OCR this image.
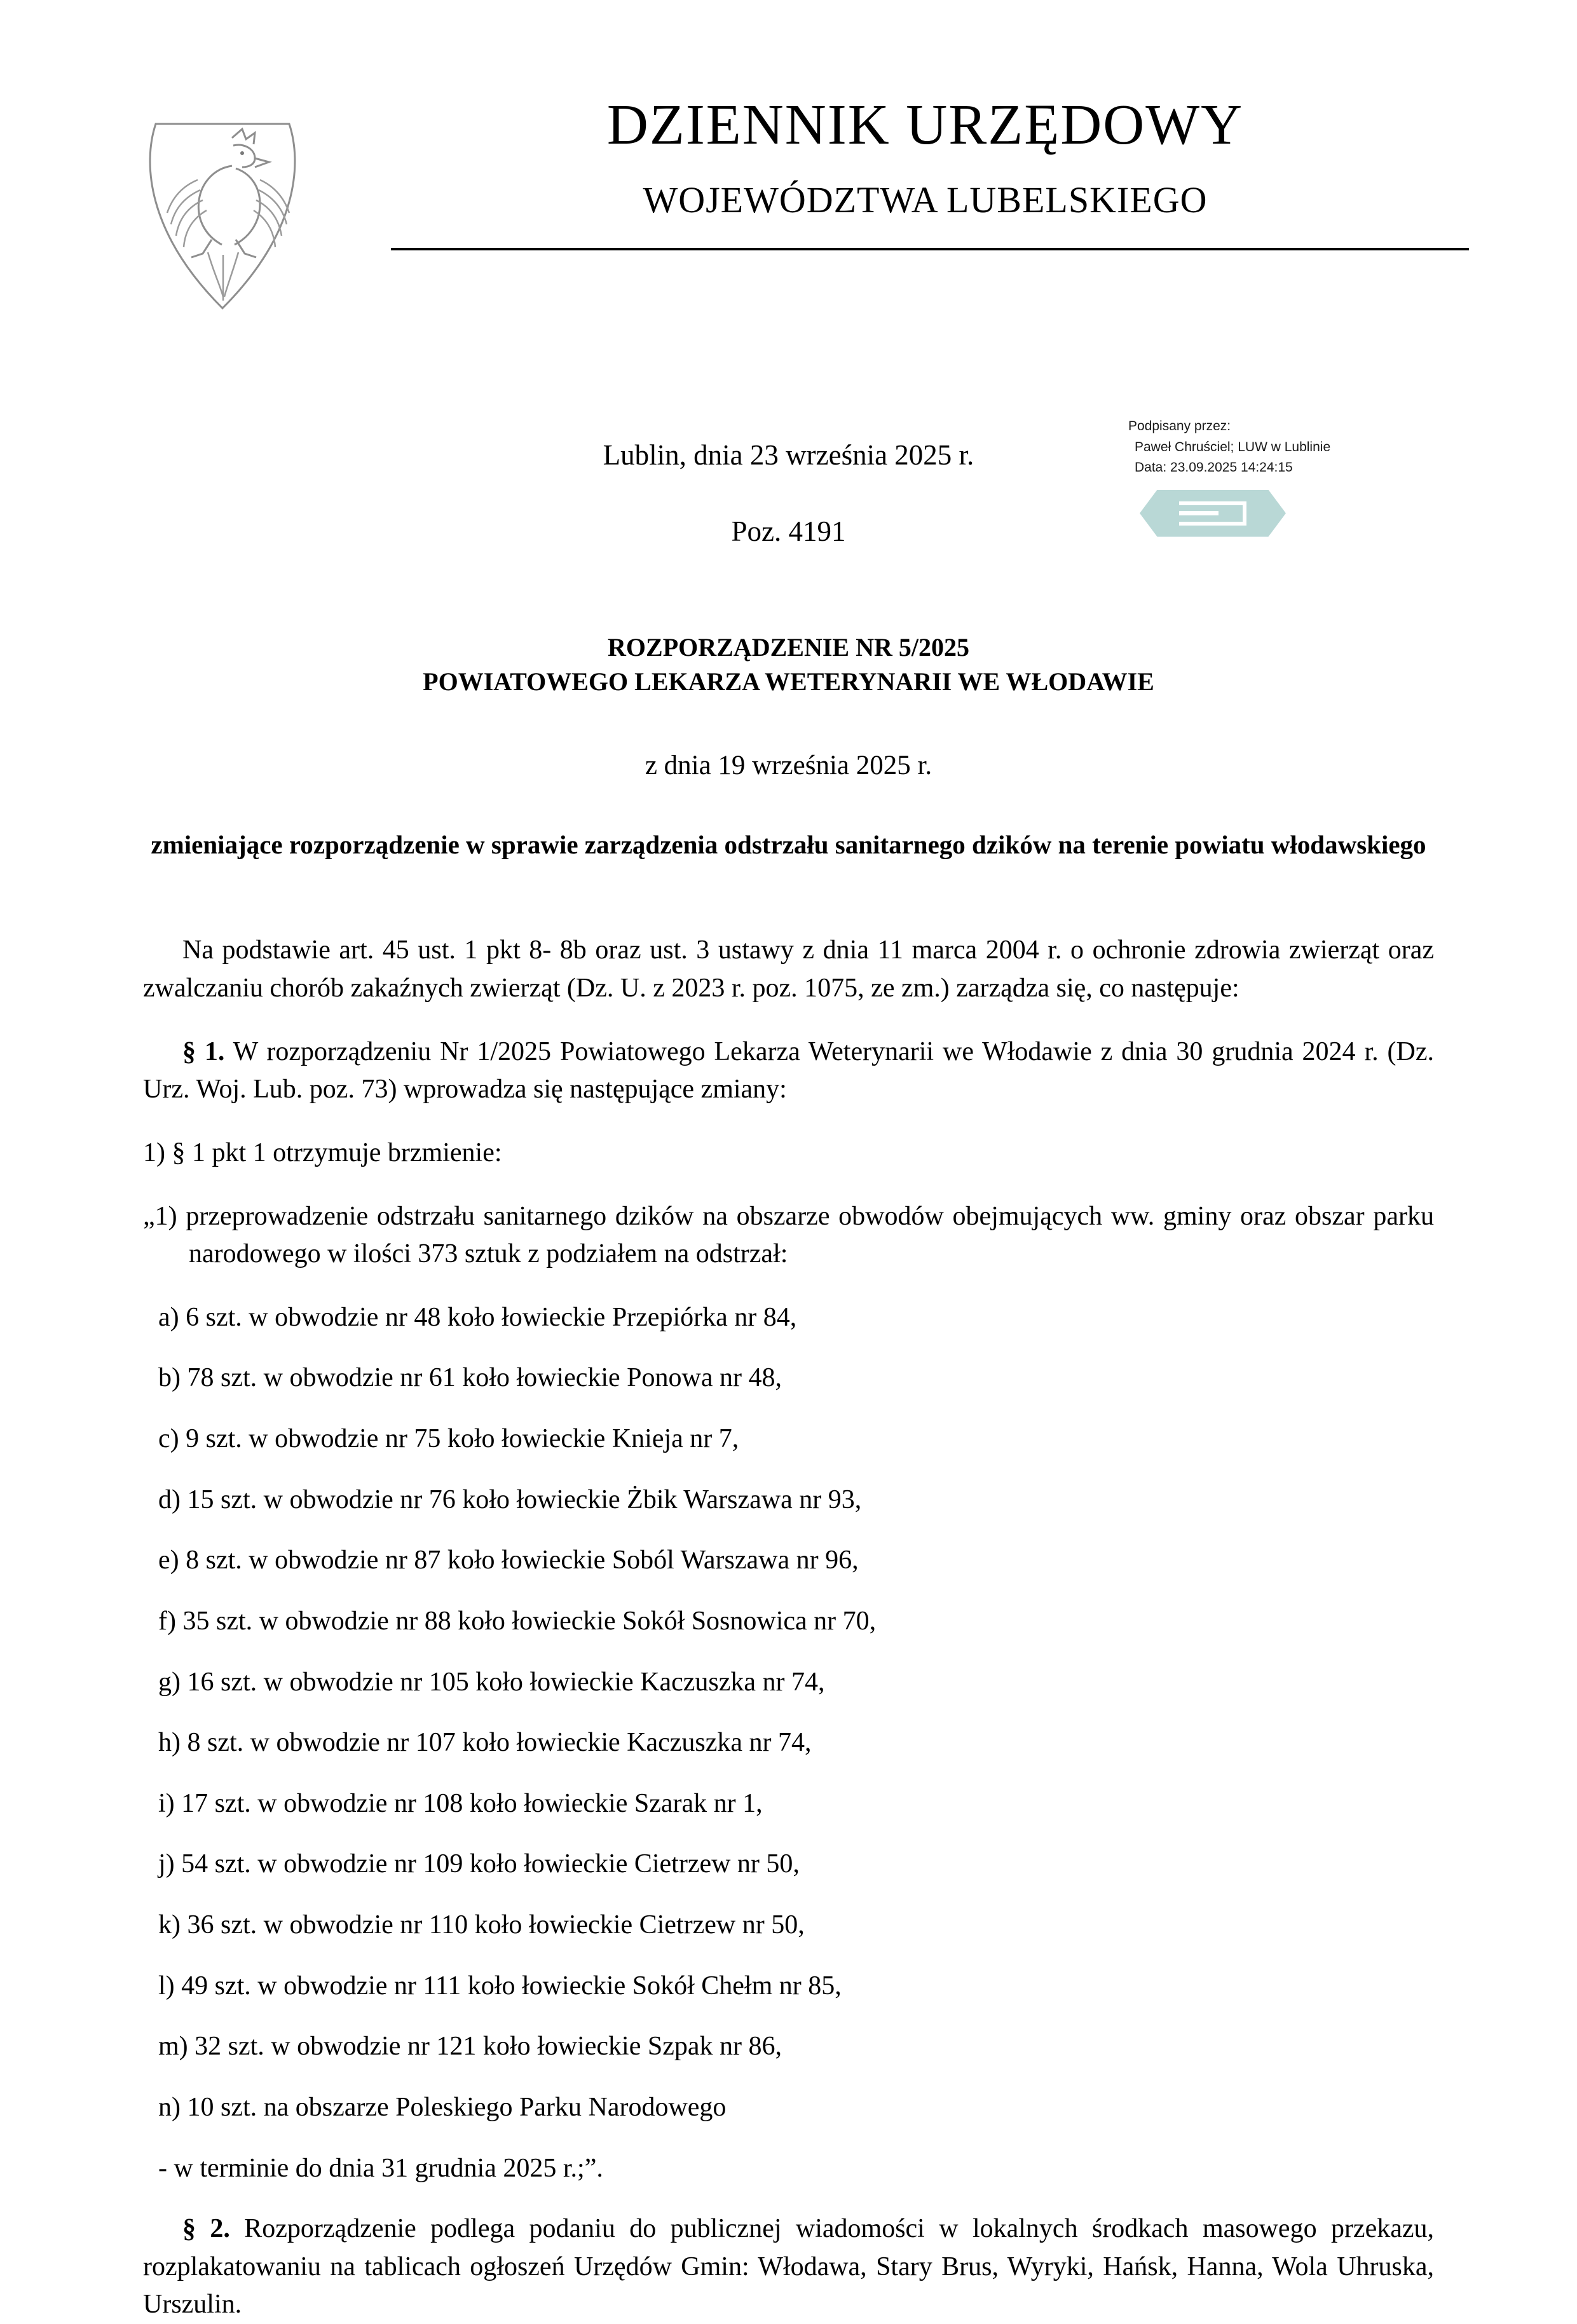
DZIENNIK URZĘDOWY
WOJEWÓDZTWA LUBELSKIEGO
Lublin, dnia 23 września 2025 r.
Poz. 4191
Podpisany przez:
Paweł Chruściel; LUW w Lublinie
Data: 23.09.2025 14:24:15
ROZPORZĄDZENIE NR 5/2025
POWIATOWEGO LEKARZA WETERYNARII WE WŁODAWIE
z dnia 19 września 2025 r.
zmieniające rozporządzenie w sprawie zarządzenia odstrzału sanitarnego dzików na terenie powiatu włodawskiego
Na podstawie art. 45 ust. 1 pkt 8- 8b oraz ust. 3 ustawy z dnia 11 marca 2004 r. o ochronie zdrowia zwierząt oraz zwalczaniu chorób zakaźnych zwierząt (Dz. U. z 2023 r. poz. 1075, ze zm.) zarządza się, co następuje:
§ 1. W rozporządzeniu Nr 1/2025 Powiatowego Lekarza Weterynarii we Włodawie z dnia 30 grudnia 2024 r. (Dz. Urz. Woj. Lub. poz. 73) wprowadza się następujące zmiany:
1) § 1 pkt 1 otrzymuje brzmienie:
„1) przeprowadzenie odstrzału sanitarnego dzików na obszarze obwodów obejmujących ww. gminy oraz obszar parku narodowego w ilości 373 sztuk z podziałem na odstrzał:
a) 6 szt. w obwodzie nr 48 koło łowieckie Przepiórka nr 84,
b) 78 szt. w obwodzie nr 61 koło łowieckie Ponowa nr 48,
c) 9 szt. w obwodzie nr 75 koło łowieckie Knieja nr 7,
d) 15 szt. w obwodzie nr 76 koło łowieckie Żbik Warszawa nr 93,
e) 8 szt. w obwodzie nr 87 koło łowieckie Soból Warszawa nr 96,
f) 35 szt. w obwodzie nr 88 koło łowieckie Sokół Sosnowica nr 70,
g) 16 szt. w obwodzie nr 105 koło łowieckie Kaczuszka nr 74,
h) 8 szt. w obwodzie nr 107 koło łowieckie Kaczuszka nr 74,
i) 17 szt. w obwodzie nr 108 koło łowieckie Szarak nr 1,
j) 54 szt. w obwodzie nr 109 koło łowieckie Cietrzew nr 50,
k) 36 szt. w obwodzie nr 110 koło łowieckie Cietrzew nr 50,
l) 49 szt. w obwodzie nr 111 koło łowieckie Sokół Chełm nr 85,
m) 32 szt. w obwodzie nr 121 koło łowieckie Szpak nr 86,
n) 10 szt. na obszarze Poleskiego Parku Narodowego
- w terminie do dnia 31 grudnia 2025 r.;”.
§ 2. Rozporządzenie podlega podaniu do publicznej wiadomości w lokalnych środkach masowego przekazu, rozplakatowaniu na tablicach ogłoszeń Urzędów Gmin: Włodawa, Stary Brus, Wyryki, Hańsk, Hanna, Wola Uhruska, Urszulin.
